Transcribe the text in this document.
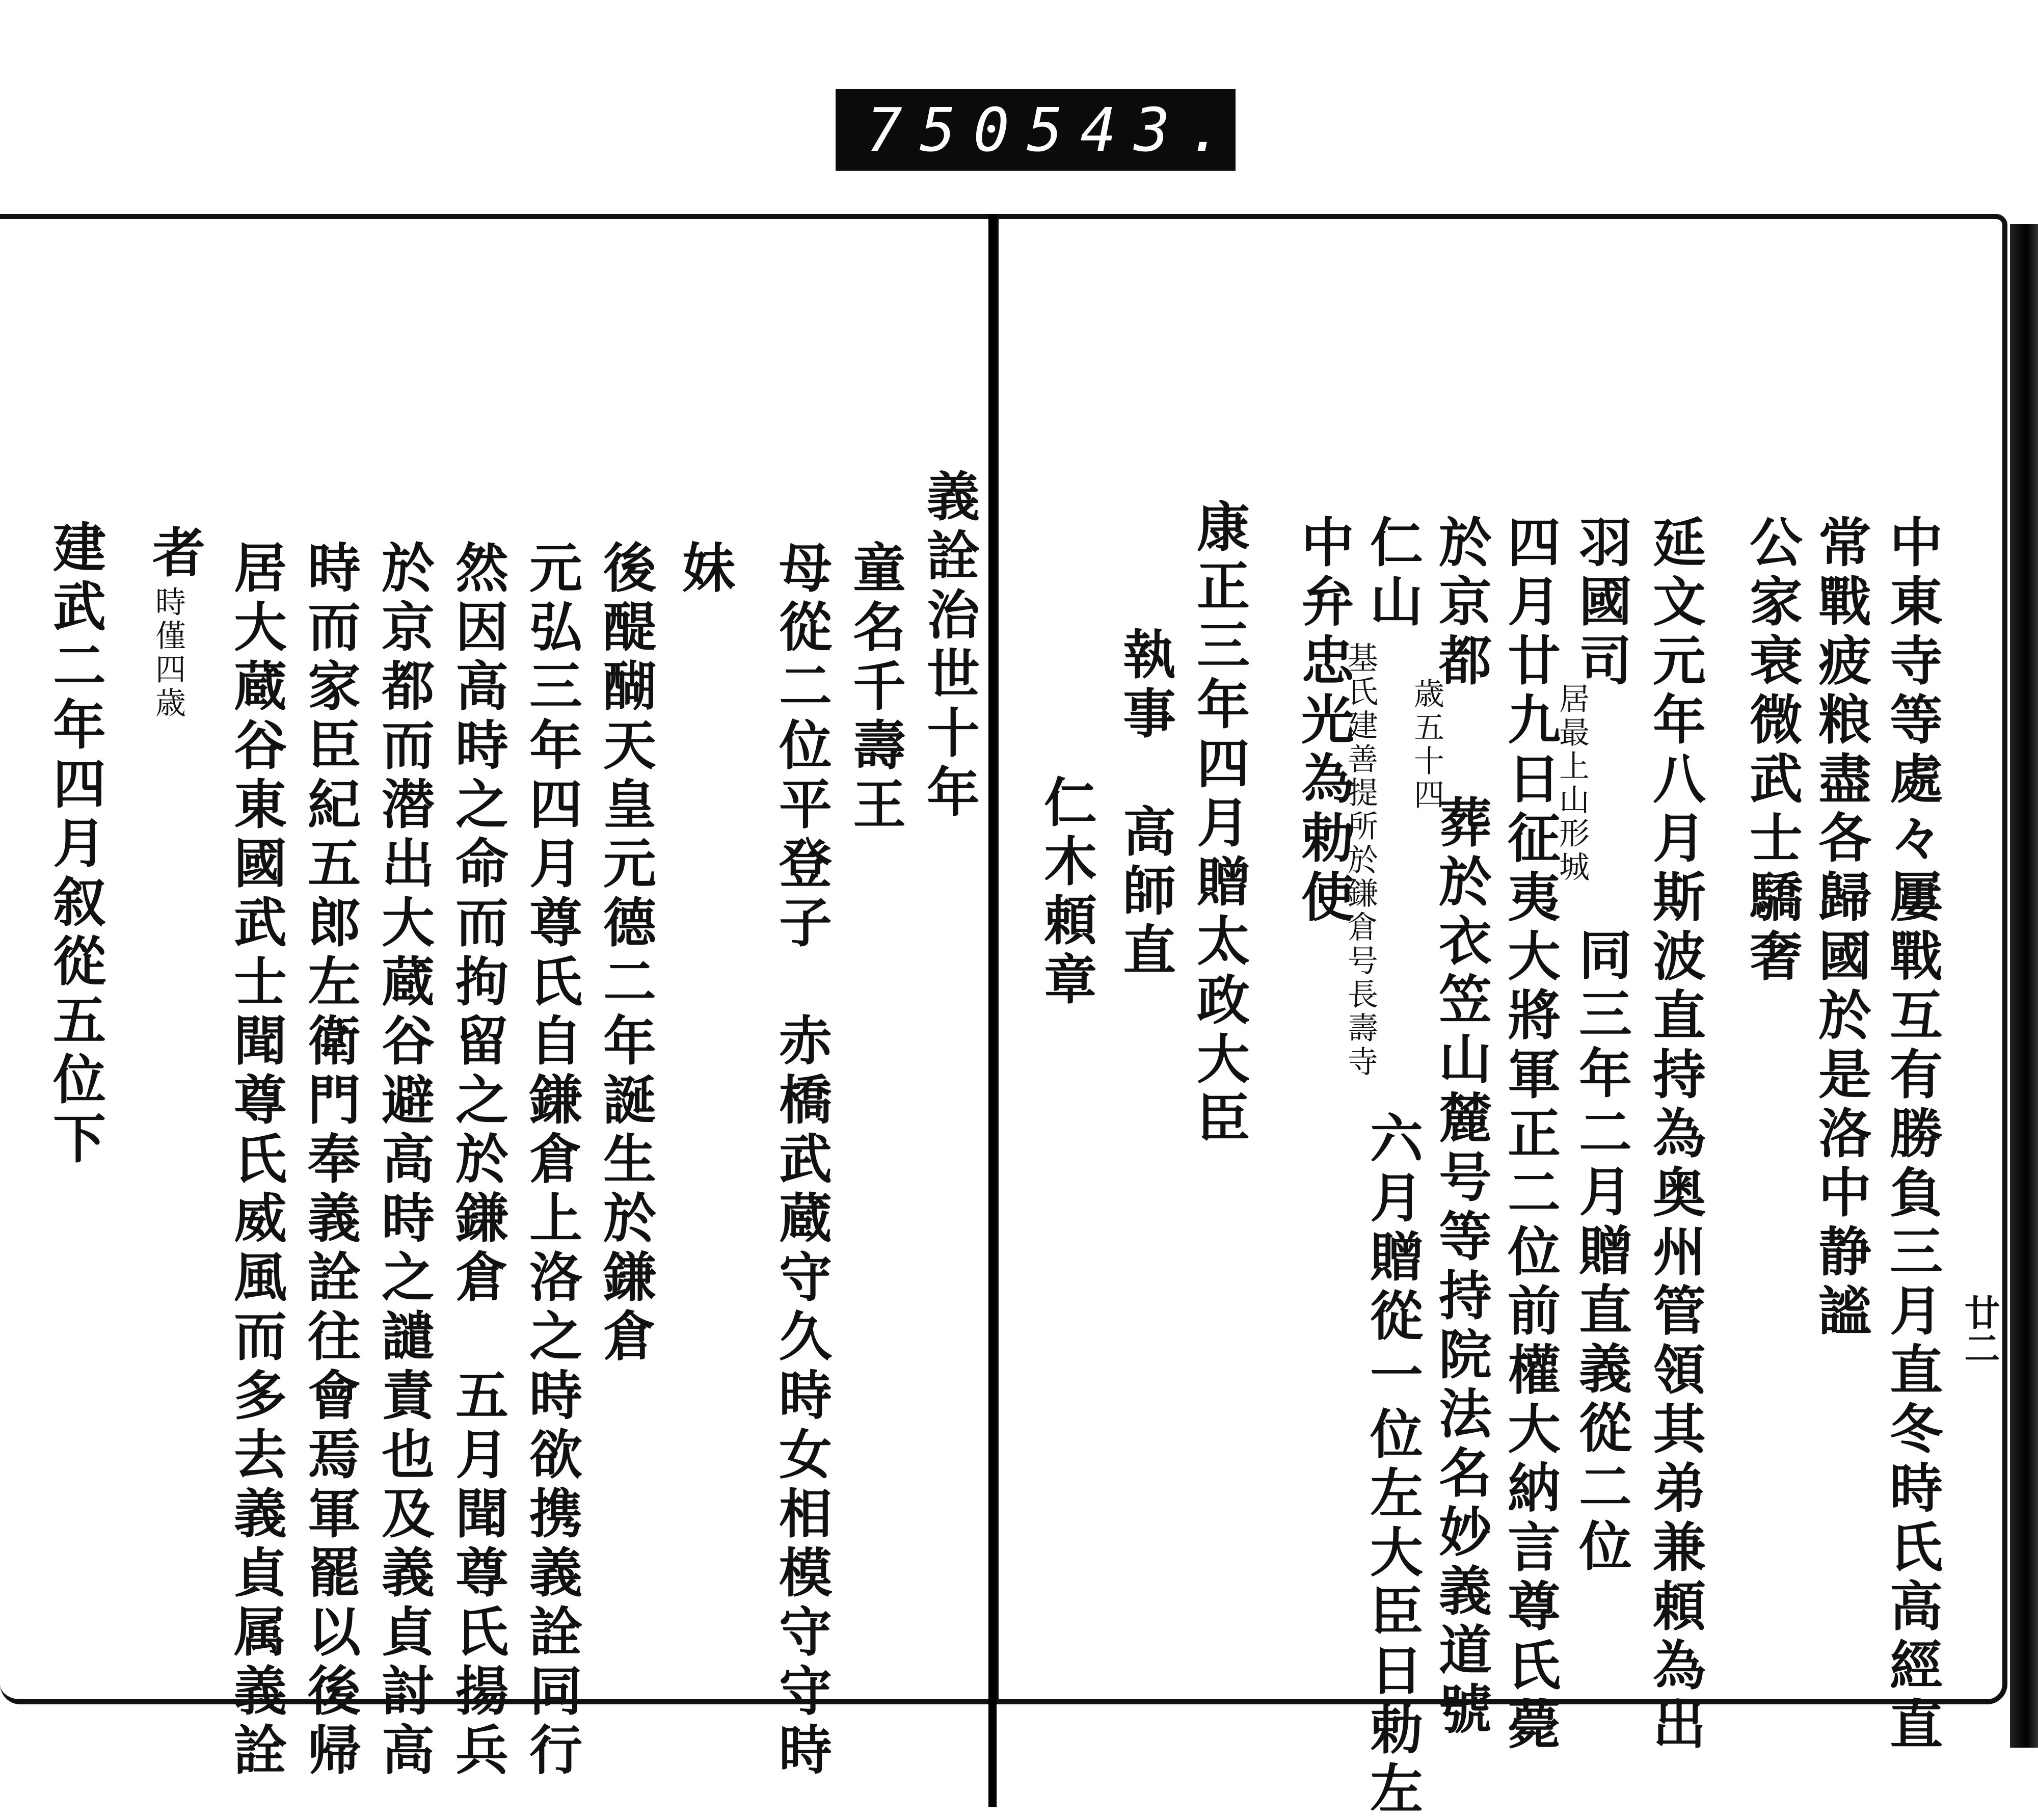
750 543.
中東寺等處々屢戰互有勝負三月直冬時氏高經直
常戰疲粮盡各歸國於是洛中静謐
公家衰微武士驕奢
延文元年八月斯波直持為奥州管領其弟兼頼為出
羽國司
四月廿九日征夷大將軍正二位前權大納言尊氏薨
於京都
仁山
中弁忠光為勅使
康正三年四月贈太政大臣
執事　高師直
仁木頼章	居最上山形城
同三年二月贈直義從二位
歳五十四
葬於衣笠山麓号等持院法名妙義道號
基氏建善提所於鎌倉号長壽寺
六月贈從一位左大臣日勅左	廿二
義詮治世十年
童名千壽王
母從二位平登子　赤橋武蔵守久時女相模守守時
妹
後醍醐天皇元德二年誕生於鎌倉
元弘三年四月尊氏自鎌倉上洛之時欲携義詮同行
然因高時之命而拘留之於鎌倉　五月聞尊氏揚兵
於京都而潜出大蔵谷避高時之譴責也及義貞討高
時而家臣紀五郎左衛門奉義詮往會焉軍罷以後帰
居大蔵谷東國武士聞尊氏威風而多去義貞属義詮
者
建武二年四月叙從五位下 時僅四歳
